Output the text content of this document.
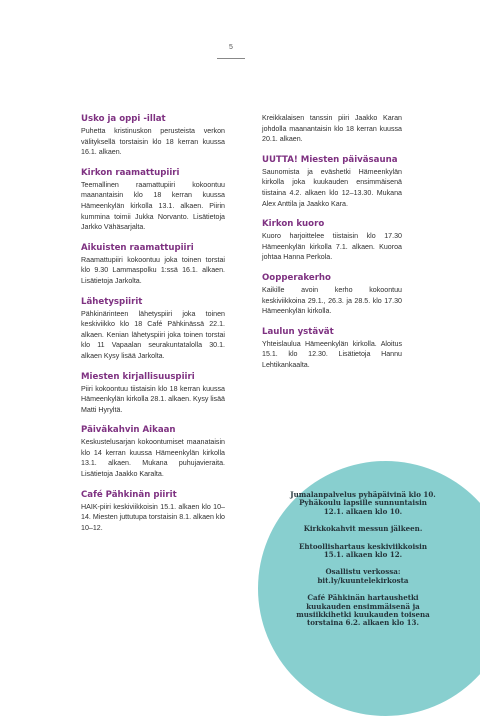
5
Usko ja oppi -illat

Puhetta kristinuskon perusteista verkon välityksellä torstaisin klo 18 kerran kuussa 16.1. alkaen.

Kirkon raamattupiiri

Teemallinen raamattupiiri kokoontuu maanantaisin klo 18 kerran kuussa Hämeenkylän kirkolla 13.1. alkaen. Piirin kummina toimii Jukka Norvanto. Lisätietoja Jarkko Vähäsarjalta.

Aikuisten raamattupiiri

Raamattupiiri kokoontuu joka toinen torstai klo 9.30 Lammaspolku 1:ssä 16.1. alkaen. Lisätietoja Jarkolta.

Lähetyspiirit

Pähkinärinteen lähetyspiiri joka toinen keskiviikko klo 18 Café Pähkinässä 22.1. alkaen. Kenian lähetyspiiri joka toinen torstai klo 11 Vapaalan seurakuntatalolla 30.1. alkaen Kysy lisää Jarkolta.

Miesten kirjallisuuspiiri

Piiri kokoontuu tiistaisin klo 18 kerran kuussa Hämeenkylän kirkolla 28.1. alkaen. Kysy lisää Matti Hyryltä.

Päiväkahvin Aikaan

Keskustelusarjan kokoontumiset maanataisin klo 14 kerran kuussa Hämeenkylän kirkolla 13.1. alkaen. Mukana puhujavieraita. Lisätietoja Jaakko Karalta.

Café Pähkinän piirit

HAIK-piiri keskiviikkoisin 15.1. alkaen klo 10–14. Miesten juttutupa torstaisin 8.1. alkaen klo 10–12.

Kreikkalaisen tanssin piiri Jaakko Karan johdolla maanantaisin klo 18 kerran kuussa 20.1. alkaen.

UUTTA! Miesten päiväsauna

Saunomista ja eväshetki Hämeenkylän kirkolla joka kuukauden ensimmäisenä tiistaina 4.2. alkaen klo 12–13.30. Mukana Alex Anttila ja Jaakko Kara.

Kirkon kuoro

Kuoro harjoittelee tiistaisin klo 17.30 Hämeenkylän kirkolla 7.1. alkaen. Kuoroa johtaa Hanna Perkola.

Oopperakerho

Kaikille avoin kerho kokoontuu keskiviikkoina 29.1., 26.3. ja 28.5. klo 17.30 Hämeenkylän kirkolla.

Laulun ystävät

Yhteislaulua Hämeenkylän kirkolla. Aloitus 15.1. klo 12.30. Lisätietoja Hannu Lehtikankaalta.

Jumalanpalvelus pyhäpäivinä klo 10. Pyhäkoulu lapsille sunnuntaisin 12.1. alkaen klo 10.

Kirkkokahvit messun jälkeen.

Ehtoollishartaus keskiviikkoisin 15.1. alkaen klo 12.

Osallistu verkossa: bit.ly/kuuntelekirkosta

Café Pähkinän hartaushetki kuukauden ensimmäisenä ja musiikkihetki kuukauden toisena torstaina 6.2. alkaen klo 13.
